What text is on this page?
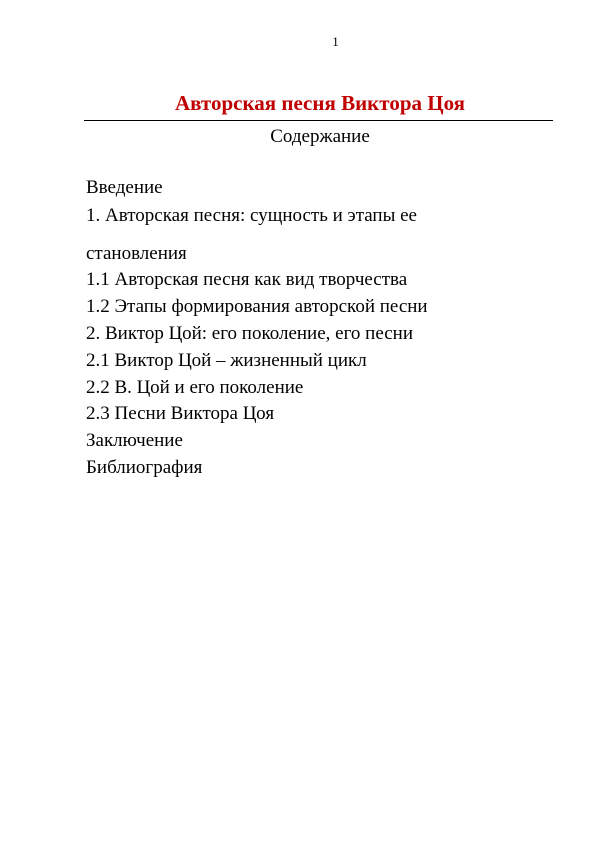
1
Авторская песня Виктора Цоя
Содержание
Введение
1. Авторская песня: сущность и этапы ее
становления
1.1 Авторская песня как вид творчества
1.2 Этапы формирования авторской песни
2. Виктор Цой: его поколение, его песни
2.1 Виктор Цой – жизненный цикл
2.2 В. Цой и его поколение
2.3 Песни Виктора Цоя
Заключение
Библиография
